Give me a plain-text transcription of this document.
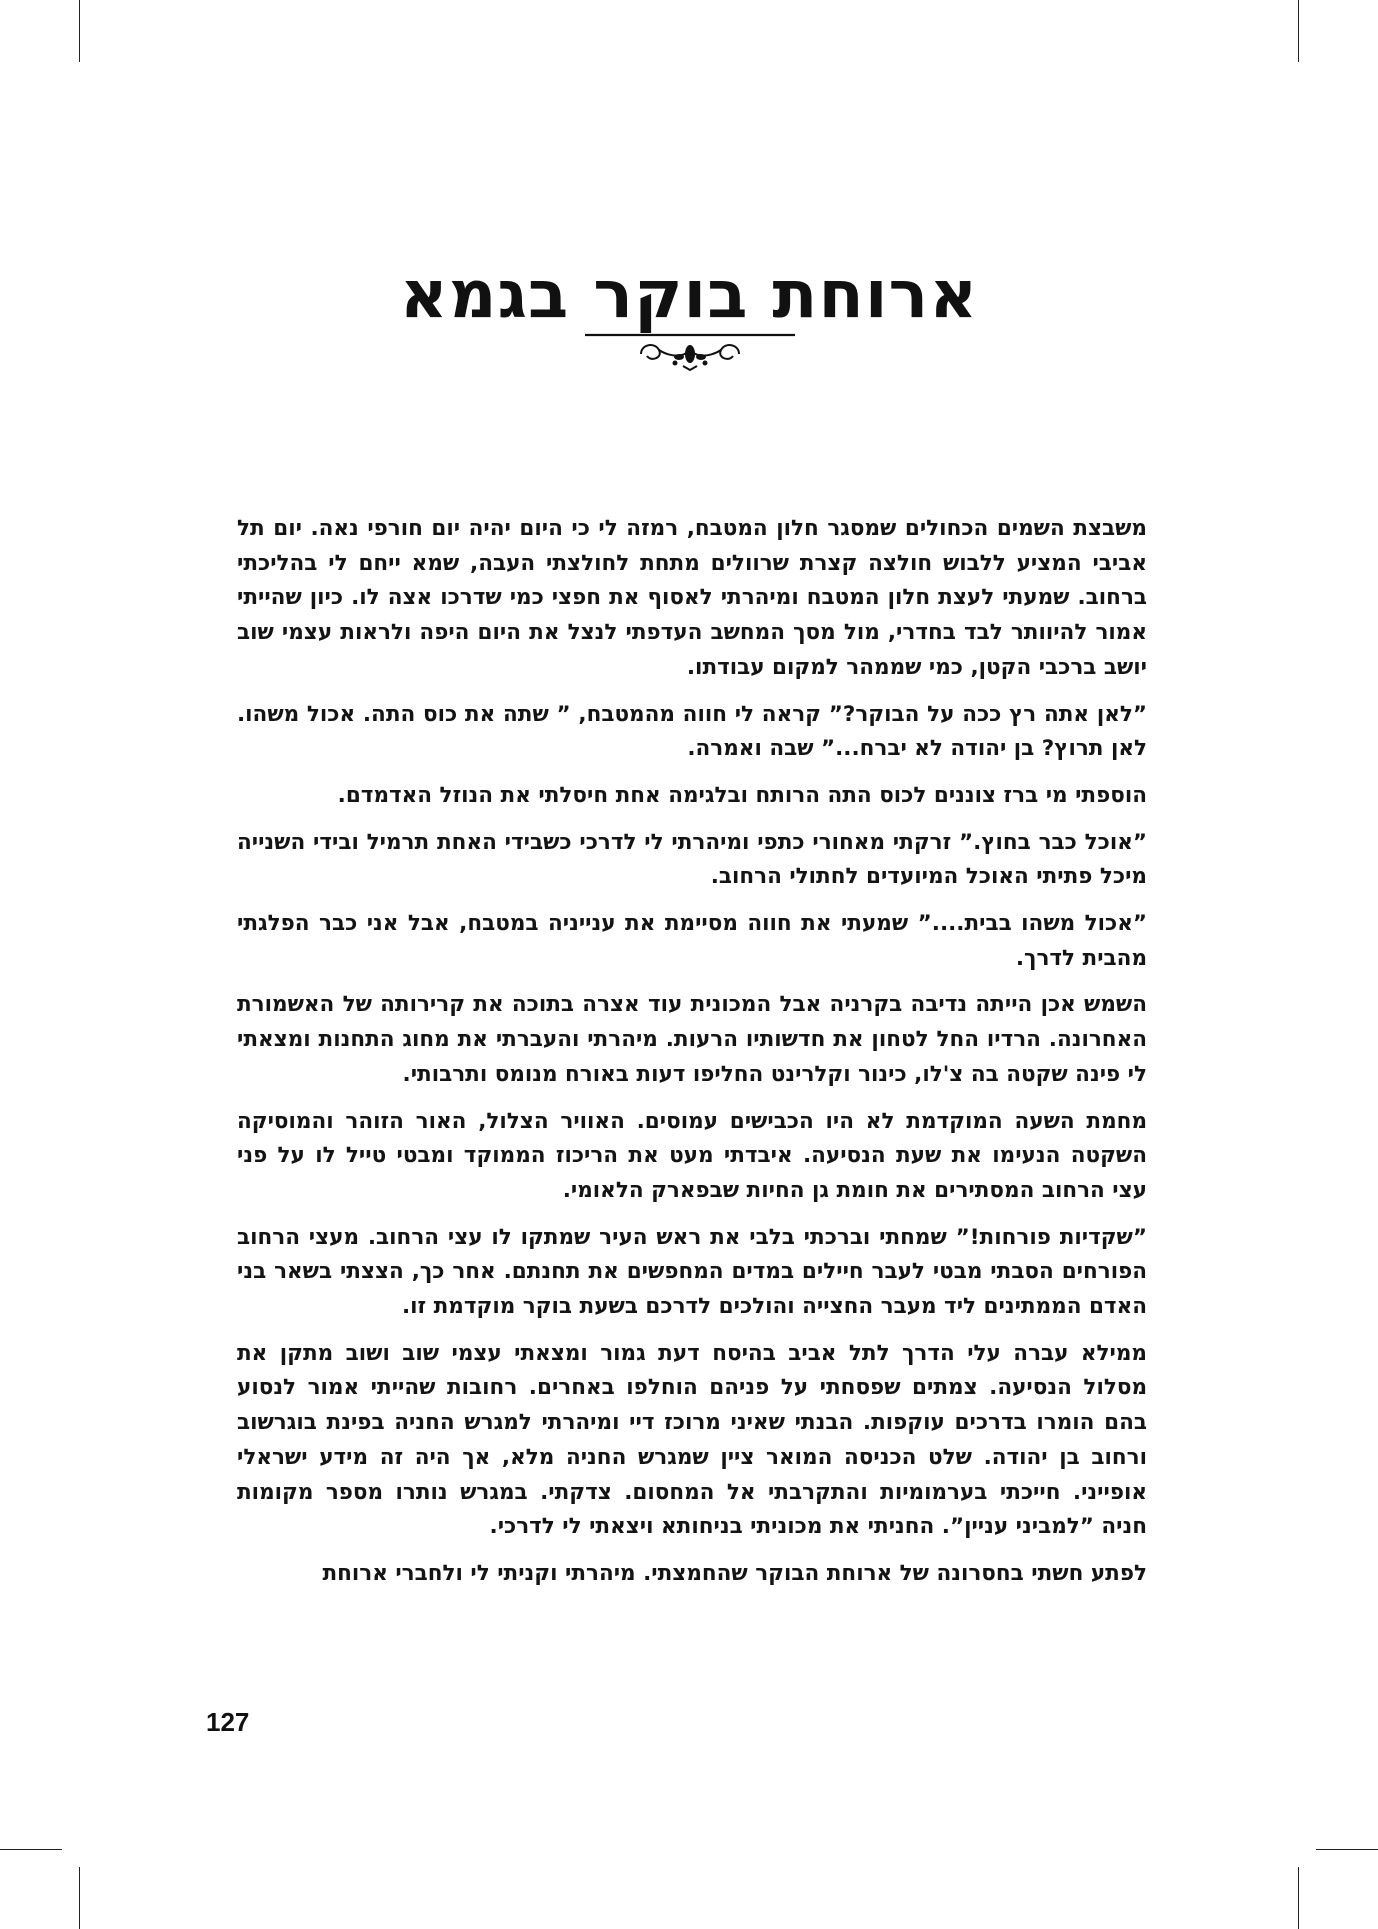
ארוחת בוקר בגמא

משבצת השמים הכחולים שמסגר חלון המטבח, רמזה לי כי היום יהיה יום חורפי נאה. יום תל אביבי המציע ללבוש חולצה קצרת שרוולים מתחת לחולצתי העבה, שמא ייחם לי בהליכתי ברחוב. שמעתי לעצת חלון המטבח ומיהרתי לאסוף את חפצי כמי שדרכו אצה לו. כיון שהייתי אמור להיוותר לבד בחדרי, מול מסך המחשב העדפתי לנצל את היום היפה ולראות עצמי שוב יושב ברכבי הקטן, כמי שממהר למקום עבודתו.

”לאן אתה רץ ככה על הבוקר?” קראה לי חווה מהמטבח, ” שתה את כוס התה. אכול משהו. לאן תרוץ? בן יהודה לא יברח...” שבה ואמרה.

הוספתי מי ברז צוננים לכוס התה הרותח ובלגימה אחת חיסלתי את הנוזל האדמדם.

”אוכל כבר בחוץ.” זרקתי מאחורי כתפי ומיהרתי לי לדרכי כשבידי האחת תרמיל ובידי השנייה מיכל פתיתי האוכל המיועדים לחתולי הרחוב.

”אכול משהו בבית....” שמעתי את חווה מסיימת את ענייניה במטבח, אבל אני כבר הפלגתי מהבית לדרך.

השמש אכן הייתה נדיבה בקרניה אבל המכונית עוד אצרה בתוכה את קרירותה של האשמורת האחרונה. הרדיו החל לטחון את חדשותיו הרעות. מיהרתי והעברתי את מחוג התחנות ומצאתי לי פינה שקטה בה צ'לו, כינור וקלרינט החליפו דעות באורח מנומס ותרבותי.

מחמת השעה המוקדמת לא היו הכבישים עמוסים. האוויר הצלול, האור הזוהר והמוסיקה השקטה הנעימו את שעת הנסיעה. איבדתי מעט את הריכוז הממוקד ומבטי טייל לו על פני עצי הרחוב המסתירים את חומת גן החיות שבפארק הלאומי.

”שקדיות פורחות!” שמחתי וברכתי בלבי את ראש העיר שמתקו לו עצי הרחוב. מעצי הרחוב הפורחים הסבתי מבטי לעבר חיילים במדים המחפשים את תחנתם. אחר כך, הצצתי בשאר בני האדם הממתינים ליד מעבר החצייה והולכים לדרכם בשעת בוקר מוקדמת זו.

ממילא עברה עלי הדרך לתל אביב בהיסח דעת גמור ומצאתי עצמי שוב ושוב מתקן את מסלול הנסיעה. צמתים שפסחתי על פניהם הוחלפו באחרים. רחובות שהייתי אמור לנסוע בהם הומרו בדרכים עוקפות. הבנתי שאיני מרוכז דיי ומיהרתי למגרש החניה בפינת בוגרשוב ורחוב בן יהודה. שלט הכניסה המואר ציין שמגרש החניה מלא, אך היה זה מידע ישראלי אופייני. חייכתי בערמומיות והתקרבתי אל המחסום. צדקתי. במגרש נותרו מספר מקומות חניה ”למביני עניין”. החניתי את מכוניתי בניחותא ויצאתי לי לדרכי.

לפתע חשתי בחסרונה של ארוחת הבוקר שהחמצתי. מיהרתי וקניתי לי ולחברי ארוחת

127
